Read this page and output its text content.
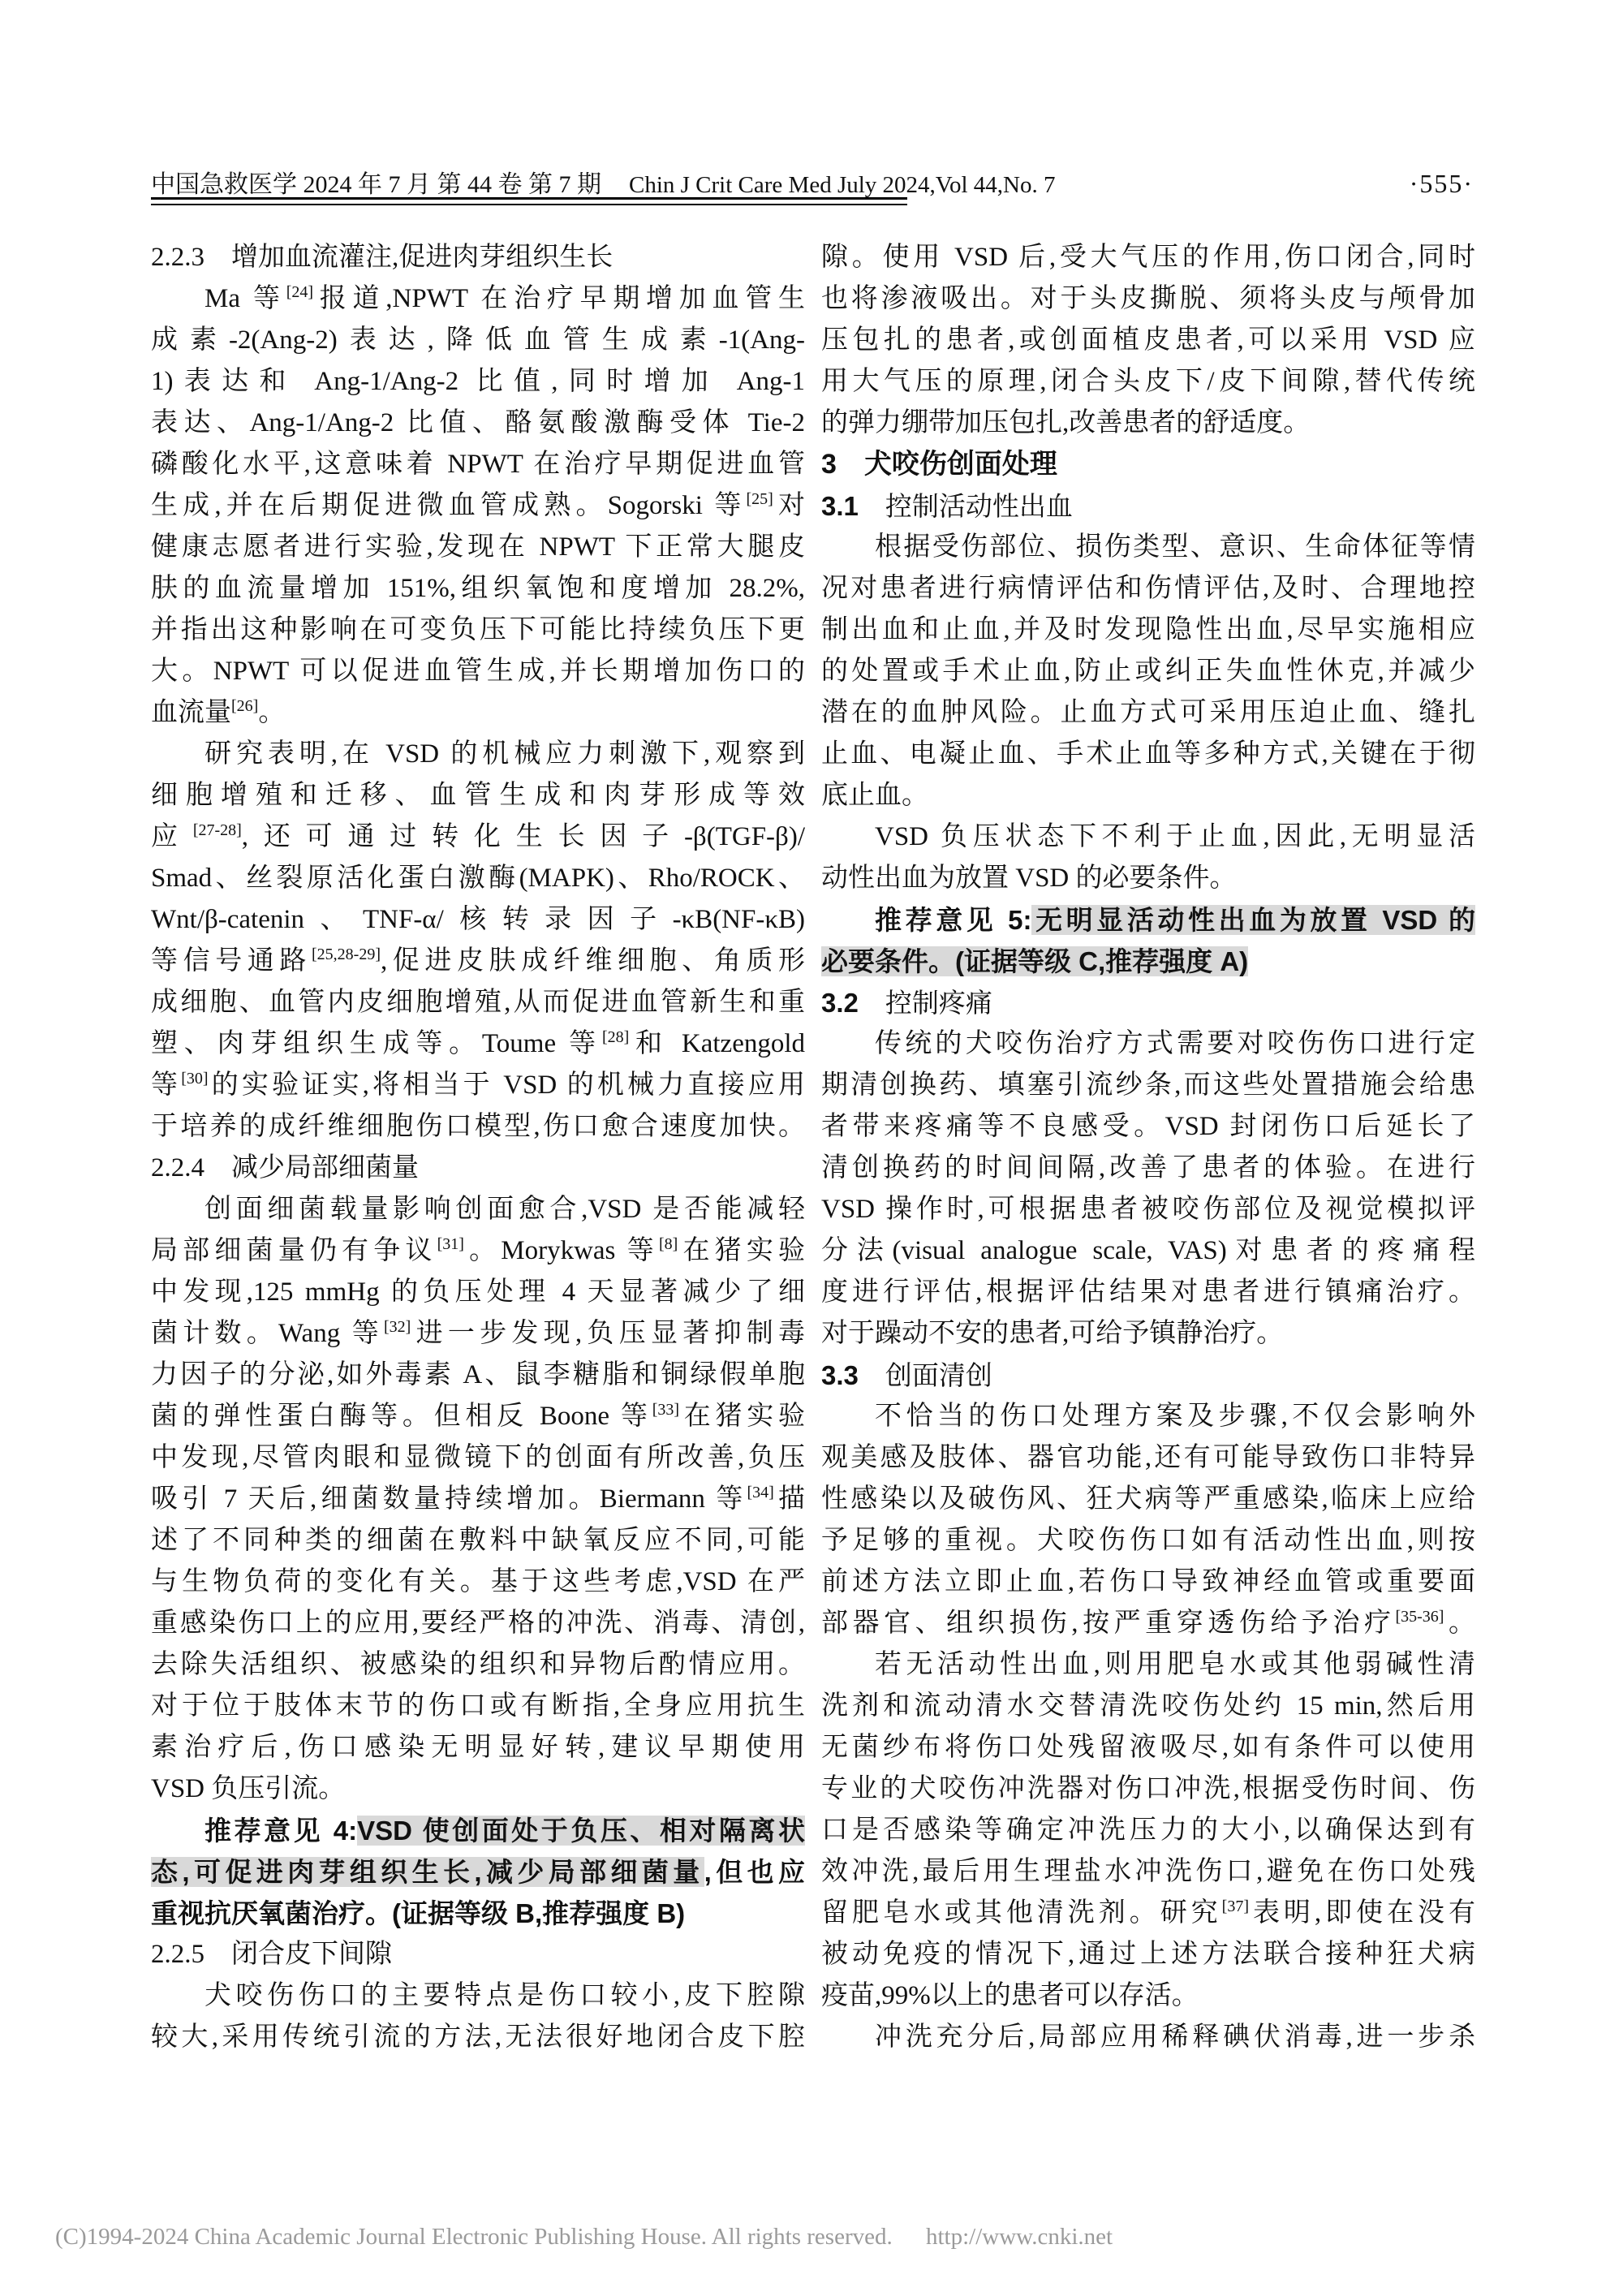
中国急救医学 2024 年 7 月 第 44 卷 第 7 期 Chin J Crit Care Med July 2024,Vol 44,No. 7	·555·
2.2.3　增加血流灌注,促进肉芽组织生长
Ma 等[24]报道,NPWT 在治疗早期增加血管生
成素-2(Ang-2)表达,降低血管生成素-1(Ang-
1)表达和 Ang-1/Ang-2 比值,同时增加 Ang-1
表达、Ang-1/Ang-2 比值、酪氨酸激酶受体 Tie-2
磷酸化水平,这意味着 NPWT 在治疗早期促进血管
生成,并在后期促进微血管成熟。Sogorski 等[25]对
健康志愿者进行实验,发现在 NPWT 下正常大腿皮
肤的血流量增加 151%,组织氧饱和度增加 28.2%,
并指出这种影响在可变负压下可能比持续负压下更
大。NPWT 可以促进血管生成,并长期增加伤口的
血流量[26]。
研究表明,在 VSD 的机械应力刺激下,观察到
细胞增殖和迁移、血管生成和肉芽形成等效
应[27-28],还可通过转化生长因子-β(TGF-β)/
Smad、丝裂原活化蛋白激酶(MAPK)、Rho/ROCK、
Wnt/β-catenin、TNF-α/核转录因子-κB(NF-κB)
等信号通路[25,28-29],促进皮肤成纤维细胞、角质形
成细胞、血管内皮细胞增殖,从而促进血管新生和重
塑、肉芽组织生成等。Toume 等[28]和 Katzengold
等[30]的实验证实,将相当于 VSD 的机械力直接应用
于培养的成纤维细胞伤口模型,伤口愈合速度加快。
2.2.4　减少局部细菌量
创面细菌载量影响创面愈合,VSD 是否能减轻
局部细菌量仍有争议[31]。Morykwas 等[8]在猪实验
中发现,125 mmHg 的负压处理 4 天显著减少了细
菌计数。Wang 等[32]进一步发现,负压显著抑制毒
力因子的分泌,如外毒素 A、鼠李糖脂和铜绿假单胞
菌的弹性蛋白酶等。但相反 Boone 等[33]在猪实验
中发现,尽管肉眼和显微镜下的创面有所改善,负压
吸引 7 天后,细菌数量持续增加。Biermann 等[34]描
述了不同种类的细菌在敷料中缺氧反应不同,可能
与生物负荷的变化有关。基于这些考虑,VSD 在严
重感染伤口上的应用,要经严格的冲洗、消毒、清创,
去除失活组织、被感染的组织和异物后酌情应用。
对于位于肢体末节的伤口或有断指,全身应用抗生
素治疗后,伤口感染无明显好转,建议早期使用
VSD 负压引流。
推荐意见 4:VSD 使创面处于负压、相对隔离状
态,可促进肉芽组织生长,减少局部细菌量,但也应
重视抗厌氧菌治疗。(证据等级 B,推荐强度 B)
2.2.5　闭合皮下间隙
犬咬伤伤口的主要特点是伤口较小,皮下腔隙
较大,采用传统引流的方法,无法很好地闭合皮下腔
隙。使用 VSD 后,受大气压的作用,伤口闭合,同时
也将渗液吸出。对于头皮撕脱、须将头皮与颅骨加
压包扎的患者,或创面植皮患者,可以采用 VSD 应
用大气压的原理,闭合头皮下/皮下间隙,替代传统
的弹力绷带加压包扎,改善患者的舒适度。
3　犬咬伤创面处理
3.1　控制活动性出血
根据受伤部位、损伤类型、意识、生命体征等情
况对患者进行病情评估和伤情评估,及时、合理地控
制出血和止血,并及时发现隐性出血,尽早实施相应
的处置或手术止血,防止或纠正失血性休克,并减少
潜在的血肿风险。止血方式可采用压迫止血、缝扎
止血、电凝止血、手术止血等多种方式,关键在于彻
底止血。
VSD 负压状态下不利于止血,因此,无明显活
动性出血为放置 VSD 的必要条件。
推荐意见 5:无明显活动性出血为放置 VSD 的
必要条件。(证据等级 C,推荐强度 A)
3.2　控制疼痛
传统的犬咬伤治疗方式需要对咬伤伤口进行定
期清创换药、填塞引流纱条,而这些处置措施会给患
者带来疼痛等不良感受。VSD 封闭伤口后延长了
清创换药的时间间隔,改善了患者的体验。在进行
VSD 操作时,可根据患者被咬伤部位及视觉模拟评
分法(visual analogue scale, VAS)对患者的疼痛程
度进行评估,根据评估结果对患者进行镇痛治疗。
对于躁动不安的患者,可给予镇静治疗。
3.3　创面清创
不恰当的伤口处理方案及步骤,不仅会影响外
观美感及肢体、器官功能,还有可能导致伤口非特异
性感染以及破伤风、狂犬病等严重感染,临床上应给
予足够的重视。犬咬伤伤口如有活动性出血,则按
前述方法立即止血,若伤口导致神经血管或重要面
部器官、组织损伤,按严重穿透伤给予治疗[35-36]。
若无活动性出血,则用肥皂水或其他弱碱性清
洗剂和流动清水交替清洗咬伤处约 15 min,然后用
无菌纱布将伤口处残留液吸尽,如有条件可以使用
专业的犬咬伤冲洗器对伤口冲洗,根据受伤时间、伤
口是否感染等确定冲洗压力的大小,以确保达到有
效冲洗,最后用生理盐水冲洗伤口,避免在伤口处残
留肥皂水或其他清洗剂。研究[37]表明,即使在没有
被动免疫的情况下,通过上述方法联合接种狂犬病
疫苗,99%以上的患者可以存活。
冲洗充分后,局部应用稀释碘伏消毒,进一步杀
(C)1994-2024 China Academic Journal Electronic Publishing House. All rights reserved. http://www.cnki.net
